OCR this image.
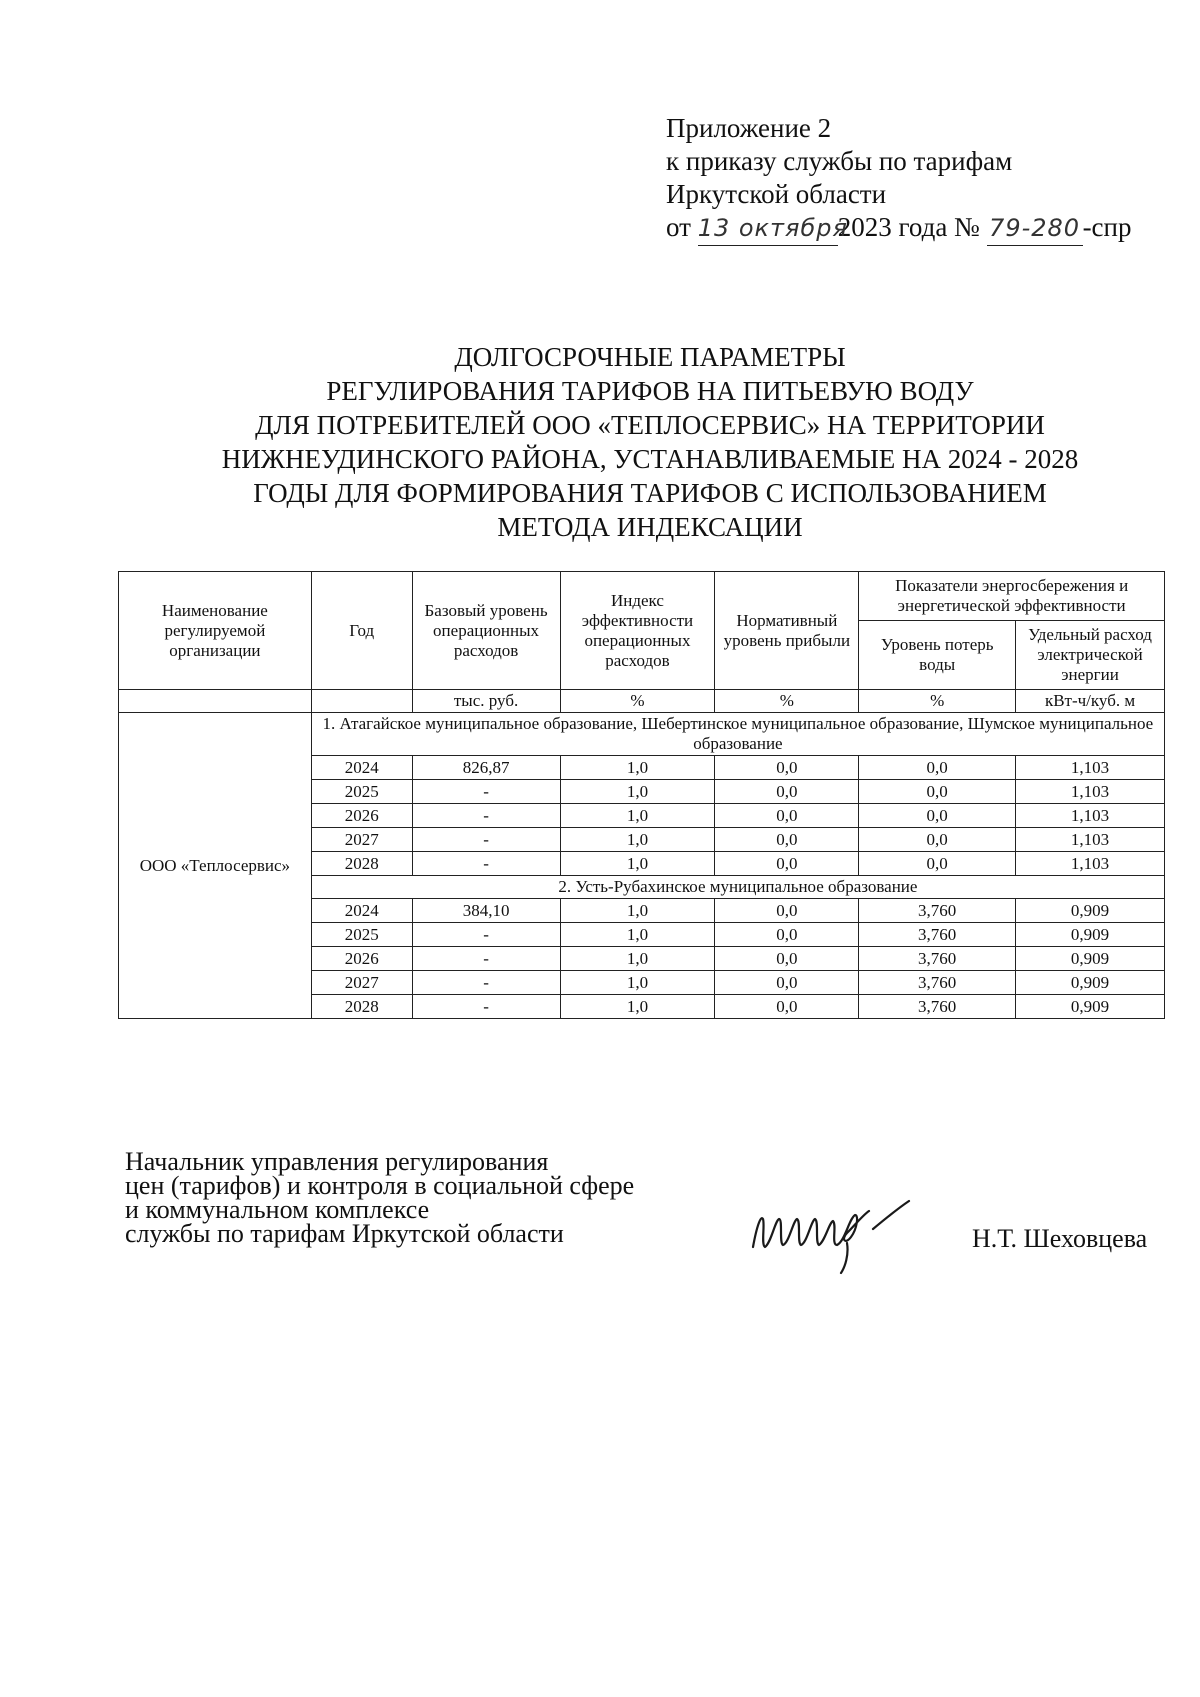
Приложение 2
к приказу службы по тарифам
Иркутской области
от 13 октября2023 года № 79-280-спр
ДОЛГОСРОЧНЫЕ ПАРАМЕТРЫ
РЕГУЛИРОВАНИЯ ТАРИФОВ НА ПИТЬЕВУЮ ВОДУ
ДЛЯ ПОТРЕБИТЕЛЕЙ ООО «ТЕПЛОСЕРВИС» НА ТЕРРИТОРИИ
НИЖНЕУДИНСКОГО РАЙОНА, УСТАНАВЛИВАЕМЫЕ НА 2024 - 2028
ГОДЫ ДЛЯ ФОРМИРОВАНИЯ ТАРИФОВ С ИСПОЛЬЗОВАНИЕМ
МЕТОДА ИНДЕКСАЦИИ
Наименование регулируемой организации	Год	Базовый уровень операционных расходов	Индекс эффективности операционных расходов	Нормативный уровень прибыли	Показатели энергосбережения и энергетической эффективности	
					Уровень потерь воды	Удельный расход электрической энергии
		тыс. руб.	%	%	%	кВт-ч/куб. м
ООО «Теплосервис»	1. Атагайское муниципальное образование, Шебертинское муниципальное образование, Шумское муниципальное образование					
	2024	826,87	1,0	0,0	0,0	1,103
	2025	-	1,0	0,0	0,0	1,103
	2026	-	1,0	0,0	0,0	1,103
	2027	-	1,0	0,0	0,0	1,103
	2028	-	1,0	0,0	0,0	1,103
	2. Усть-Рубахинское муниципальное образование					
	2024	384,10	1,0	0,0	3,760	0,909
	2025	-	1,0	0,0	3,760	0,909
	2026	-	1,0	0,0	3,760	0,909
	2027	-	1,0	0,0	3,760	0,909
	2028	-	1,0	0,0	3,760	0,909
Начальник управления регулирования
цен (тарифов) и контроля в социальной сфере
и коммунальном комплексе
службы по тарифам Иркутской области	Н.Т. Шеховцева
